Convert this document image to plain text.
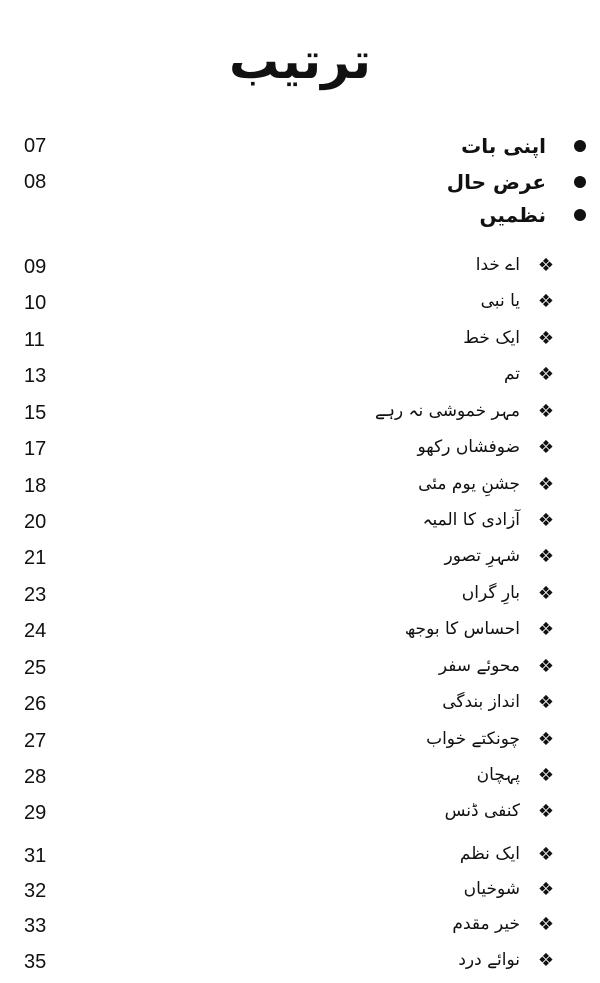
ترتیب
07	اپنی بات
08	عرض حال
نظمیں
09	اے خدا ❖
10	یا نبی ❖
11	ایک خط ❖
13	تم ❖
15	مہر خموشی نہ رہے ❖
17	ضوفشاں رکھو ❖
18	جشنِ یوم مئی ❖
20	آزادی کا المیہ ❖
21	شہرِ تصور ❖
23	بارِ گراں ❖
24	احساس کا بوجھ ❖
25	محوئے سفر ❖
26	انداز بندگی ❖
27	چونکتے خواب ❖
28	پہچان ❖
29	کنفی ڈنس ❖
31	ایک نظم ❖
32	شوخیاں ❖
33	خیر مقدم ❖
35	نوائے درد ❖
